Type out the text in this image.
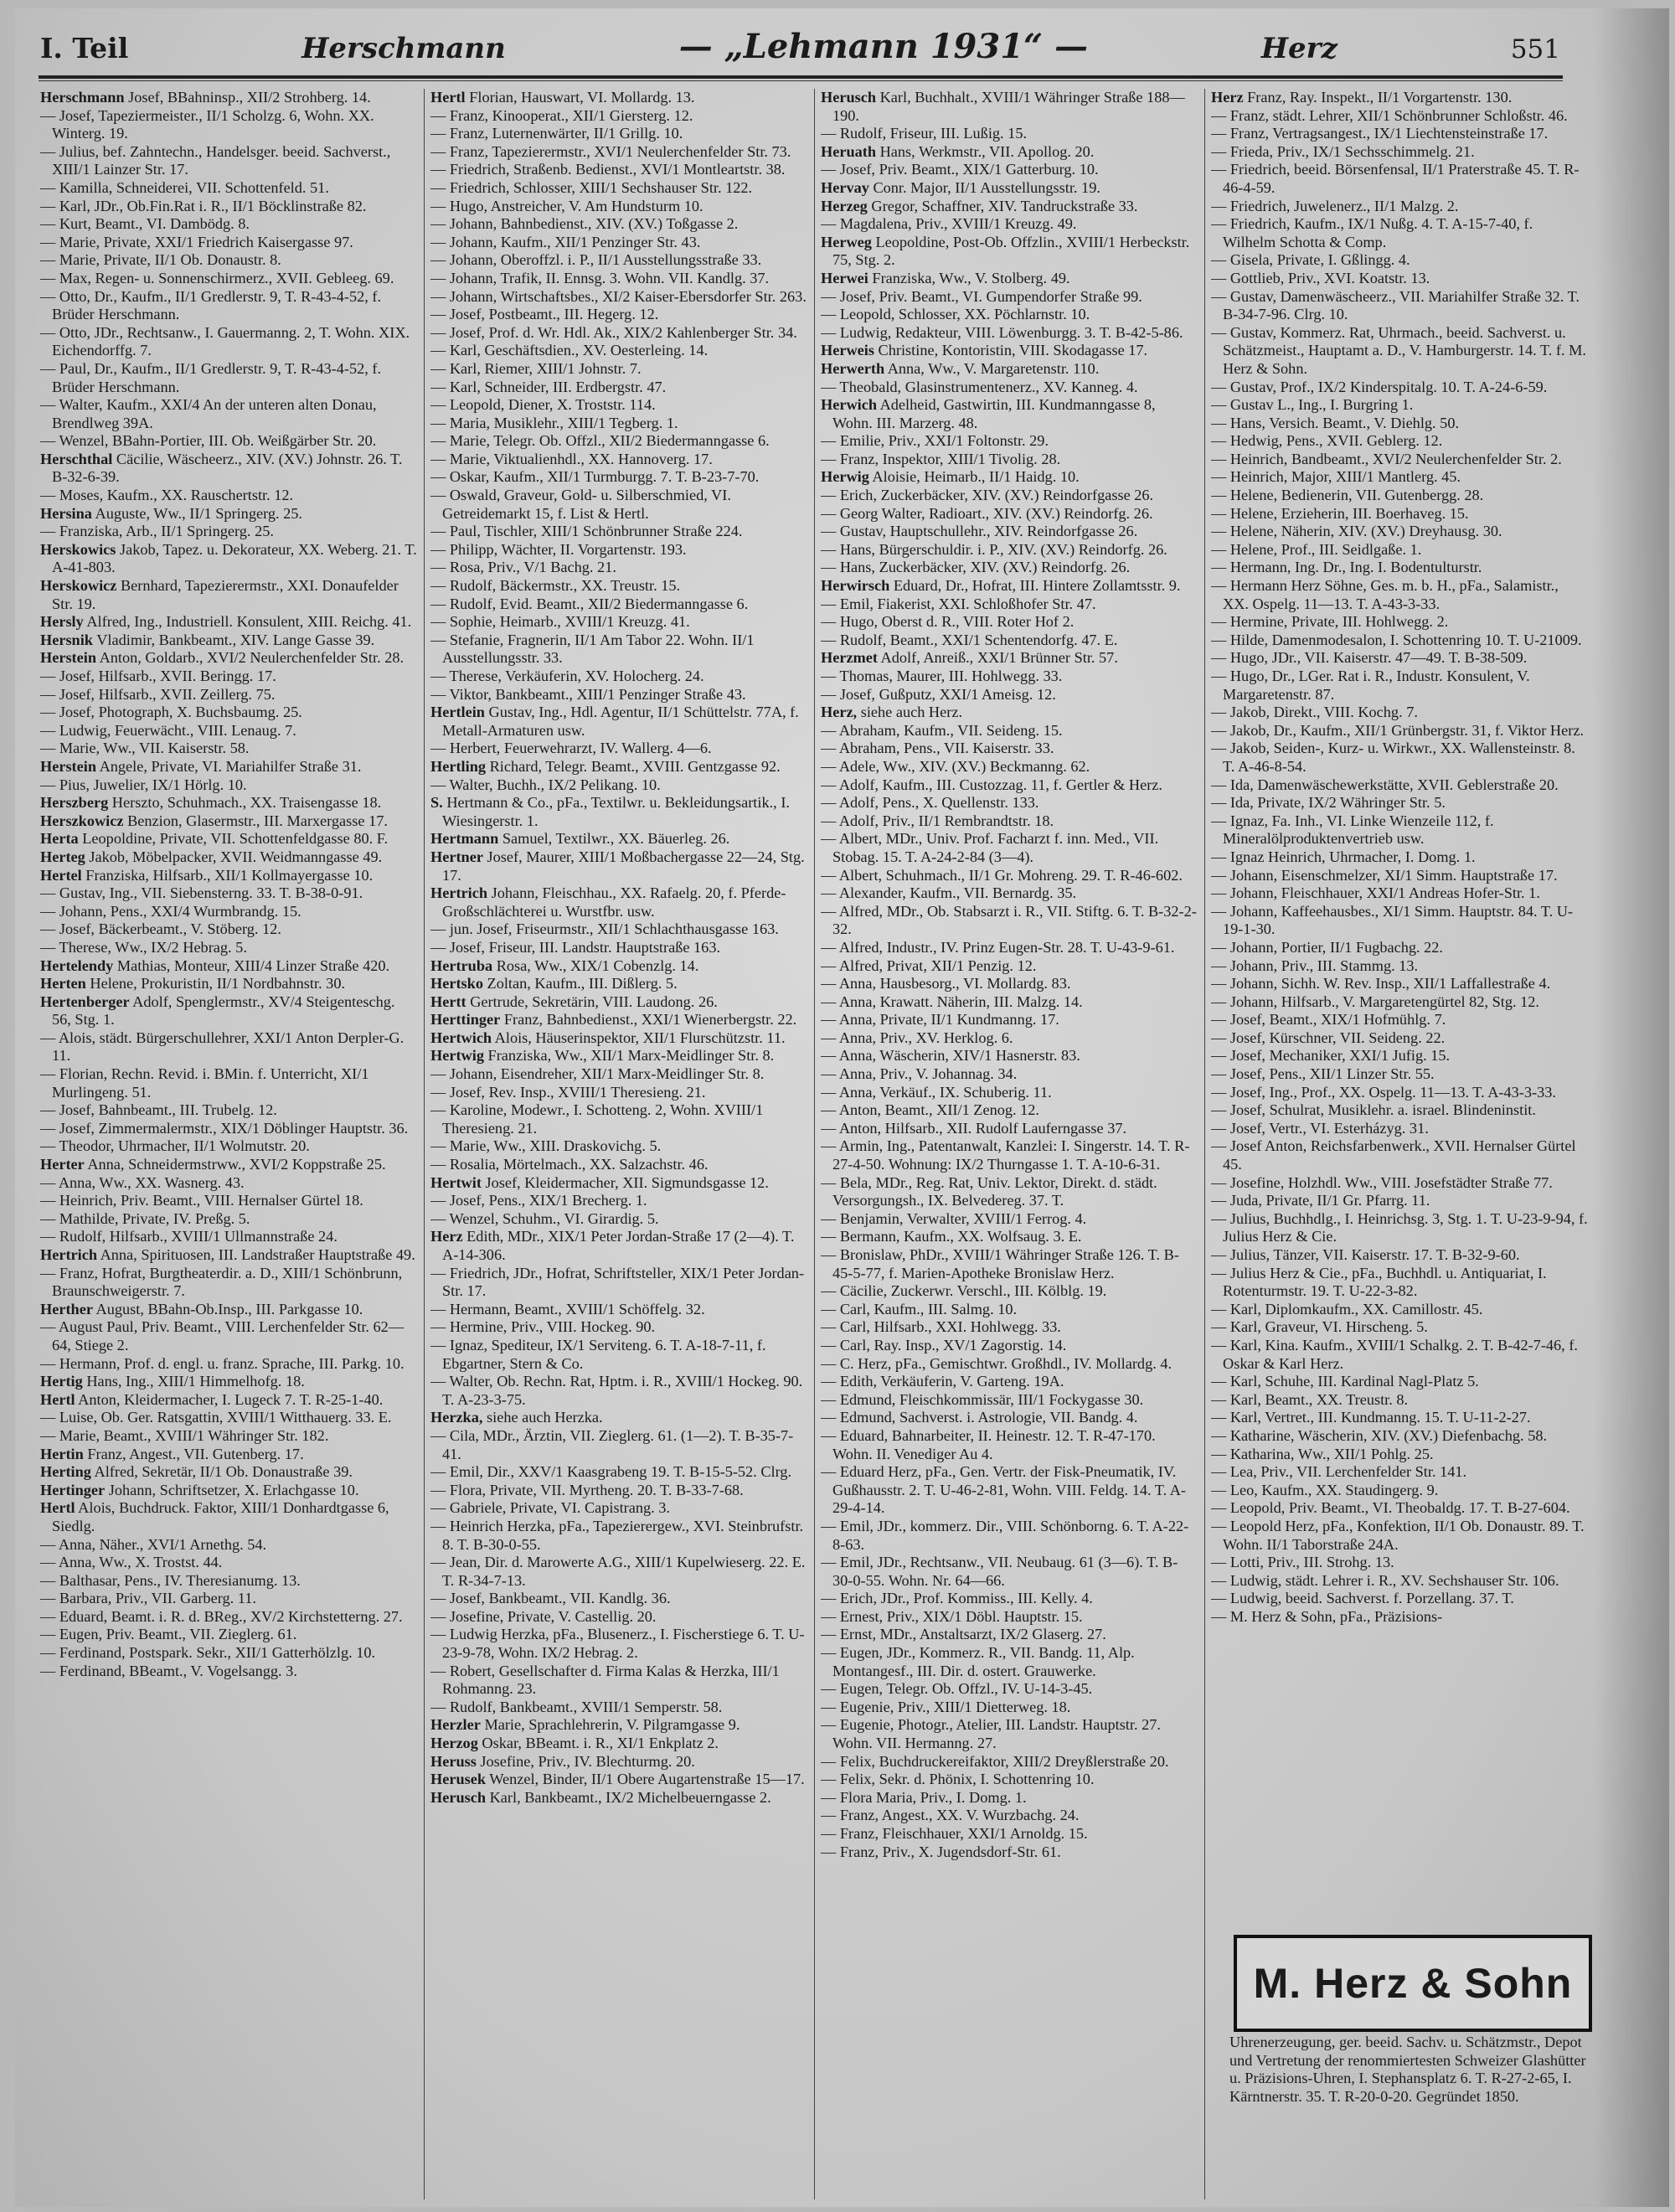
I. Teil	Herschmann	— „Lehmann 1931“ —	Herz	551
Herschmann Josef, BBahninsp., XII/2 Strohberg. 14.
— Josef, Tapeziermeister., II/1 Scholzg. 6, Wohn. XX. Winterg. 19.
— Julius, bef. Zahntechn., Handelsger. beeid. Sachverst., XIII/1 Lainzer Str. 17.
— Kamilla, Schneiderei, VII. Schottenfeld. 51.
— Karl, JDr., Ob.Fin.Rat i. R., II/1 Böcklinstraße 82.
— Kurt, Beamt., VI. Dambödg. 8.
— Marie, Private, XXI/1 Friedrich Kaisergasse 97.
— Marie, Private, II/1 Ob. Donaustr. 8.
— Max, Regen- u. Sonnenschirmerz., XVII. Gebleeg. 69.
— Otto, Dr., Kaufm., II/1 Gredlerstr. 9, T. R-43-4-52, f. Brüder Herschmann.
— Otto, JDr., Rechtsanw., I. Gauermanng. 2, T. Wohn. XIX. Eichendorffg. 7.
— Paul, Dr., Kaufm., II/1 Gredlerstr. 9, T. R-43-4-52, f. Brüder Herschmann.
— Walter, Kaufm., XXI/4 An der unteren alten Donau, Brendlweg 39A.
— Wenzel, BBahn-Portier, III. Ob. Weißgärber Str. 20.
Herschthal Cäcilie, Wäscheerz., XIV. (XV.) Johnstr. 26. T. B-32-6-39.
— Moses, Kaufm., XX. Rauschertstr. 12.
Hersina Auguste, Ww., II/1 Springerg. 25.
— Franziska, Arb., II/1 Springerg. 25.
Herskowics Jakob, Tapez. u. Dekorateur, XX. Weberg. 21. T. A-41-803.
Herskowicz Bernhard, Tapezierermstr., XXI. Donaufelder Str. 19.
Hersly Alfred, Ing., Industriell. Konsulent, XIII. Reichg. 41.
Hersnik Vladimir, Bankbeamt., XIV. Lange Gasse 39.
Herstein Anton, Goldarb., XVI/2 Neulerchenfelder Str. 28.
— Josef, Hilfsarb., XVII. Beringg. 17.
— Josef, Hilfsarb., XVII. Zeillerg. 75.
— Josef, Photograph, X. Buchsbaumg. 25.
— Ludwig, Feuerwächt., VIII. Lenaug. 7.
— Marie, Ww., VII. Kaiserstr. 58.
Herstein Angele, Private, VI. Mariahilfer Straße 31.
— Pius, Juwelier, IX/1 Hörlg. 10.
Herszberg Herszto, Schuhmach., XX. Traisengasse 18.
Herszkowicz Benzion, Glasermstr., III. Marxergasse 17.
Herta Leopoldine, Private, VII. Schottenfeldgasse 80. F.
Herteg Jakob, Möbelpacker, XVII. Weidmanngasse 49.
Hertel Franziska, Hilfsarb., XII/1 Kollmayergasse 10.
— Gustav, Ing., VII. Siebensterng. 33. T. B-38-0-91.
— Johann, Pens., XXI/4 Wurmbrandg. 15.
— Josef, Bäckerbeamt., V. Stöberg. 12.
— Therese, Ww., IX/2 Hebrag. 5.
Hertelendy Mathias, Monteur, XIII/4 Linzer Straße 420.
Herten Helene, Prokuristin, II/1 Nordbahnstr. 30.
Hertenberger Adolf, Spenglermstr., XV/4 Steigenteschg. 56, Stg. 1.
— Alois, städt. Bürgerschullehrer, XXI/1 Anton Derpler-G. 11.
— Florian, Rechn. Revid. i. BMin. f. Unterricht, XI/1 Murlingeng. 51.
— Josef, Bahnbeamt., III. Trubelg. 12.
— Josef, Zimmermalermstr., XIX/1 Döblinger Hauptstr. 36.
— Theodor, Uhrmacher, II/1 Wolmutstr. 20.
Herter Anna, Schneidermstrww., XVI/2 Koppstraße 25.
— Anna, Ww., XX. Wasnerg. 43.
— Heinrich, Priv. Beamt., VIII. Hernalser Gürtel 18.
— Mathilde, Private, IV. Preßg. 5.
— Rudolf, Hilfsarb., XVIII/1 Ullmannstraße 24.
Hertrich Anna, Spirituosen, III. Landstraßer Hauptstraße 49.
— Franz, Hofrat, Burgtheaterdir. a. D., XIII/1 Schönbrunn, Braunschweigerstr. 7.
Herther August, BBahn-Ob.Insp., III. Parkgasse 10.
— August Paul, Priv. Beamt., VIII. Lerchenfelder Str. 62—64, Stiege 2.
— Hermann, Prof. d. engl. u. franz. Sprache, III. Parkg. 10.
Hertig Hans, Ing., XIII/1 Himmelhofg. 18.
Hertl Anton, Kleidermacher, I. Lugeck 7. T. R-25-1-40.
— Luise, Ob. Ger. Ratsgattin, XVIII/1 Witthauerg. 33. E.
— Marie, Beamt., XVIII/1 Währinger Str. 182.
Hertin Franz, Angest., VII. Gutenberg. 17.
Herting Alfred, Sekretär, II/1 Ob. Donaustraße 39.
Hertinger Johann, Schriftsetzer, X. Erlachgasse 10.
Hertl Alois, Buchdruck. Faktor, XIII/1 Donhardtgasse 6, Siedlg.
— Anna, Näher., XVI/1 Arnethg. 54.
— Anna, Ww., X. Trostst. 44.
— Balthasar, Pens., IV. Theresianumg. 13.
— Barbara, Priv., VII. Garberg. 11.
— Eduard, Beamt. i. R. d. BReg., XV/2 Kirchstetterng. 27.
— Eugen, Priv. Beamt., VII. Zieglerg. 61.
— Ferdinand, Postspark. Sekr., XII/1 Gatterhölzlg. 10.
— Ferdinand, BBeamt., V. Vogelsangg. 3.
Hertl Florian, Hauswart, VI. Mollardg. 13.
— Franz, Kinooperat., XII/1 Giersterg. 12.
— Franz, Luternenwärter, II/1 Grillg. 10.
— Franz, Tapezierermstr., XVI/1 Neulerchenfelder Str. 73.
— Friedrich, Straßenb. Bedienst., XVI/1 Montleartstr. 38.
— Friedrich, Schlosser, XIII/1 Sechshauser Str. 122.
— Hugo, Anstreicher, V. Am Hundsturm 10.
— Johann, Bahnbedienst., XIV. (XV.) Toßgasse 2.
— Johann, Kaufm., XII/1 Penzinger Str. 43.
— Johann, Oberoffzl. i. P., II/1 Ausstellungsstraße 33.
— Johann, Trafik, II. Ennsg. 3. Wohn. VII. Kandlg. 37.
— Johann, Wirtschaftsbes., XI/2 Kaiser-Ebersdorfer Str. 263.
— Josef, Postbeamt., III. Hegerg. 12.
— Josef, Prof. d. Wr. Hdl. Ak., XIX/2 Kahlenberger Str. 34.
— Karl, Geschäftsdien., XV. Oesterleing. 14.
— Karl, Riemer, XIII/1 Johnstr. 7.
— Karl, Schneider, III. Erdbergstr. 47.
— Leopold, Diener, X. Troststr. 114.
— Maria, Musiklehr., XIII/1 Tegberg. 1.
— Marie, Telegr. Ob. Offzl., XII/2 Biedermanngasse 6.
— Marie, Viktualienhdl., XX. Hannoverg. 17.
— Oskar, Kaufm., XII/1 Turmburgg. 7. T. B-23-7-70.
— Oswald, Graveur, Gold- u. Silberschmied, VI. Getreidemarkt 15, f. List & Hertl.
— Paul, Tischler, XIII/1 Schönbrunner Straße 224.
— Philipp, Wächter, II. Vorgartenstr. 193.
— Rosa, Priv., V/1 Bachg. 21.
— Rudolf, Bäckermstr., XX. Treustr. 15.
— Rudolf, Evid. Beamt., XII/2 Biedermanngasse 6.
— Sophie, Heimarb., XVIII/1 Kreuzg. 41.
— Stefanie, Fragnerin, II/1 Am Tabor 22. Wohn. II/1 Ausstellungsstr. 33.
— Therese, Verkäuferin, XV. Holocherg. 24.
— Viktor, Bankbeamt., XIII/1 Penzinger Straße 43.
Hertlein Gustav, Ing., Hdl. Agentur, II/1 Schüttelstr. 77A, f. Metall-Armaturen usw.
— Herbert, Feuerwehrarzt, IV. Wallerg. 4—6.
Hertling Richard, Telegr. Beamt., XVIII. Gentzgasse 92.
— Walter, Buchh., IX/2 Pelikang. 10.
S. Hertmann & Co., pFa., Textilwr. u. Bekleidungsartik., I. Wiesingerstr. 1.
Hertmann Samuel, Textilwr., XX. Bäuerleg. 26.
Hertner Josef, Maurer, XIII/1 Moßbachergasse 22—24, Stg. 17.
Hertrich Johann, Fleischhau., XX. Rafaelg. 20, f. Pferde-Großschlächterei u. Wurstfbr. usw.
— jun. Josef, Friseurmstr., XII/1 Schlachthausgasse 163.
— Josef, Friseur, III. Landstr. Hauptstraße 163.
Hertruba Rosa, Ww., XIX/1 Cobenzlg. 14.
Hertsko Zoltan, Kaufm., III. Dißlerg. 5.
Hertt Gertrude, Sekretärin, VIII. Laudong. 26.
Herttinger Franz, Bahnbedienst., XXI/1 Wienerbergstr. 22.
Hertwich Alois, Häuserinspektor, XII/1 Flurschützstr. 11.
Hertwig Franziska, Ww., XII/1 Marx-Meidlinger Str. 8.
— Johann, Eisendreher, XII/1 Marx-Meidlinger Str. 8.
— Josef, Rev. Insp., XVIII/1 Theresieng. 21.
— Karoline, Modewr., I. Schotteng. 2, Wohn. XVIII/1 Theresieng. 21.
— Marie, Ww., XIII. Draskovichg. 5.
— Rosalia, Mörtelmach., XX. Salzachstr. 46.
Hertwit Josef, Kleidermacher, XII. Sigmundsgasse 12.
— Josef, Pens., XIX/1 Brecherg. 1.
— Wenzel, Schuhm., VI. Girardig. 5.
Herz Edith, MDr., XIX/1 Peter Jordan-Straße 17 (2—4). T. A-14-306.
— Friedrich, JDr., Hofrat, Schriftsteller, XIX/1 Peter Jordan-Str. 17.
— Hermann, Beamt., XVIII/1 Schöffelg. 32.
— Hermine, Priv., VIII. Hockeg. 90.
— Ignaz, Spediteur, IX/1 Serviteng. 6. T. A-18-7-11, f. Ebgartner, Stern & Co.
— Walter, Ob. Rechn. Rat, Hptm. i. R., XVIII/1 Hockeg. 90. T. A-23-3-75.
Herzka, siehe auch Herzka.
— Cila, MDr., Ärztin, VII. Zieglerg. 61. (1—2). T. B-35-7-41.
— Emil, Dir., XXV/1 Kaasgrabeng 19. T. B-15-5-52. Clrg.
— Flora, Private, VII. Myrtheng. 20. T. B-33-7-68.
— Gabriele, Private, VI. Capistrang. 3.
— Heinrich Herzka, pFa., Tapezierergew., XVI. Steinbrufstr. 8. T. B-30-0-55.
— Jean, Dir. d. Marowerte A.G., XIII/1 Kupelwieserg. 22. E. T. R-34-7-13.
— Josef, Bankbeamt., VII. Kandlg. 36.
— Josefine, Private, V. Castellig. 20.
— Ludwig Herzka, pFa., Blusenerz., I. Fischerstiege 6. T. U-23-9-78, Wohn. IX/2 Hebrag. 2.
— Robert, Gesellschafter d. Firma Kalas & Herzka, III/1 Rohmanng. 23.
— Rudolf, Bankbeamt., XVIII/1 Semperstr. 58.
Herzler Marie, Sprachlehrerin, V. Pilgramgasse 9.
Herzog Oskar, BBeamt. i. R., XI/1 Enkplatz 2.
Heruss Josefine, Priv., IV. Blechturmg. 20.
Herusek Wenzel, Binder, II/1 Obere Augartenstraße 15—17.
Herusch Karl, Bankbeamt., IX/2 Michelbeuerngasse 2.
Herusch Karl, Buchhalt., XVIII/1 Währinger Straße 188—190.
— Rudolf, Friseur, III. Lußig. 15.
Heruath Hans, Werkmstr., VII. Apollog. 20.
— Josef, Priv. Beamt., XIX/1 Gatterburg. 10.
Hervay Conr. Major, II/1 Ausstellungsstr. 19.
Herzeg Gregor, Schaffner, XIV. Tandruckstraße 33.
— Magdalena, Priv., XVIII/1 Kreuzg. 49.
Herweg Leopoldine, Post-Ob. Offzlin., XVIII/1 Herbeckstr. 75, Stg. 2.
Herwei Franziska, Ww., V. Stolberg. 49.
— Josef, Priv. Beamt., VI. Gumpendorfer Straße 99.
— Leopold, Schlosser, XX. Pöchlarnstr. 10.
— Ludwig, Redakteur, VIII. Löwenburgg. 3. T. B-42-5-86.
Herweis Christine, Kontoristin, VIII. Skodagasse 17.
Herwerth Anna, Ww., V. Margaretenstr. 110.
— Theobald, Glasinstrumentenerz., XV. Kanneg. 4.
Herwich Adelheid, Gastwirtin, III. Kundmanngasse 8, Wohn. III. Marzerg. 48.
— Emilie, Priv., XXI/1 Foltonstr. 29.
— Franz, Inspektor, XIII/1 Tivolig. 28.
Herwig Aloisie, Heimarb., II/1 Haidg. 10.
— Erich, Zuckerbäcker, XIV. (XV.) Reindorfgasse 26.
— Georg Walter, Radioart., XIV. (XV.) Reindorfg. 26.
— Gustav, Hauptschullehr., XIV. Reindorfgasse 26.
— Hans, Bürgerschuldir. i. P., XIV. (XV.) Reindorfg. 26.
— Hans, Zuckerbäcker, XIV. (XV.) Reindorfg. 26.
Herwirsch Eduard, Dr., Hofrat, III. Hintere Zollamtsstr. 9.
— Emil, Fiakerist, XXI. Schloßhofer Str. 47.
— Hugo, Oberst d. R., VIII. Roter Hof 2.
— Rudolf, Beamt., XXI/1 Schentendorfg. 47. E.
Herzmet Adolf, Anreiß., XXI/1 Brünner Str. 57.
— Thomas, Maurer, III. Hohlwegg. 33.
— Josef, Gußputz, XXI/1 Ameisg. 12.
Herz, siehe auch Herz.
— Abraham, Kaufm., VII. Seideng. 15.
— Abraham, Pens., VII. Kaiserstr. 33.
— Adele, Ww., XIV. (XV.) Beckmanng. 62.
— Adolf, Kaufm., III. Custozzag. 11, f. Gertler & Herz.
— Adolf, Pens., X. Quellenstr. 133.
— Adolf, Priv., II/1 Rembrandtstr. 18.
— Albert, MDr., Univ. Prof. Facharzt f. inn. Med., VII. Stobag. 15. T. A-24-2-84 (3—4).
— Albert, Schuhmach., II/1 Gr. Mohreng. 29. T. R-46-602.
— Alexander, Kaufm., VII. Bernardg. 35.
— Alfred, MDr., Ob. Stabsarzt i. R., VII. Stiftg. 6. T. B-32-2-32.
— Alfred, Industr., IV. Prinz Eugen-Str. 28. T. U-43-9-61.
— Alfred, Privat, XII/1 Penzig. 12.
— Anna, Hausbesorg., VI. Mollardg. 83.
— Anna, Krawatt. Näherin, III. Malzg. 14.
— Anna, Private, II/1 Kundmanng. 17.
— Anna, Priv., XV. Herklog. 6.
— Anna, Wäscherin, XIV/1 Hasnerstr. 83.
— Anna, Priv., V. Johannag. 34.
— Anna, Verkäuf., IX. Schuberig. 11.
— Anton, Beamt., XII/1 Zenog. 12.
— Anton, Hilfsarb., XII. Rudolf Lauferngasse 37.
— Armin, Ing., Patentanwalt, Kanzlei: I. Singerstr. 14. T. R-27-4-50. Wohnung: IX/2 Thurngasse 1. T. A-10-6-31.
— Bela, MDr., Reg. Rat, Univ. Lektor, Direkt. d. städt. Versorgungsh., IX. Belvedereg. 37. T.
— Benjamin, Verwalter, XVIII/1 Ferrog. 4.
— Bermann, Kaufm., XX. Wolfsaug. 3. E.
— Bronislaw, PhDr., XVIII/1 Währinger Straße 126. T. B-45-5-77, f. Marien-Apotheke Bronislaw Herz.
— Cäcilie, Zuckerwr. Verschl., III. Kölblg. 19.
— Carl, Kaufm., III. Salmg. 10.
— Carl, Hilfsarb., XXI. Hohlwegg. 33.
— Carl, Ray. Insp., XV/1 Zagorstig. 14.
— C. Herz, pFa., Gemischtwr. Großhdl., IV. Mollardg. 4.
— Edith, Verkäuferin, V. Garteng. 19A.
— Edmund, Fleischkommissär, III/1 Fockygasse 30.
— Edmund, Sachverst. i. Astrologie, VII. Bandg. 4.
— Eduard, Bahnarbeiter, II. Heinestr. 12. T. R-47-170. Wohn. II. Venediger Au 4.
— Eduard Herz, pFa., Gen. Vertr. der Fisk-Pneumatik, IV. Gußhausstr. 2. T. U-46-2-81, Wohn. VIII. Feldg. 14. T. A-29-4-14.
— Emil, JDr., kommerz. Dir., VIII. Schönborng. 6. T. A-22-8-63.
— Emil, JDr., Rechtsanw., VII. Neubaug. 61 (3—6). T. B-30-0-55. Wohn. Nr. 64—66.
— Erich, JDr., Prof. Kommiss., III. Kelly. 4.
— Ernest, Priv., XIX/1 Döbl. Hauptstr. 15.
— Ernst, MDr., Anstaltsarzt, IX/2 Glaserg. 27.
— Eugen, JDr., Kommerz. R., VII. Bandg. 11, Alp. Montangesf., III. Dir. d. ostert. Grauwerke.
— Eugen, Telegr. Ob. Offzl., IV. U-14-3-45.
— Eugenie, Priv., XIII/1 Dietterweg. 18.
— Eugenie, Photogr., Atelier, III. Landstr. Hauptstr. 27. Wohn. VII. Hermanng. 27.
— Felix, Buchdruckereifaktor, XIII/2 Dreyßlerstraße 20.
— Felix, Sekr. d. Phönix, I. Schottenring 10.
— Flora Maria, Priv., I. Domg. 1.
— Franz, Angest., XX. V. Wurzbachg. 24.
— Franz, Fleischhauer, XXI/1 Arnoldg. 15.
— Franz, Priv., X. Jugendsdorf-Str. 61.
Herz Franz, Ray. Inspekt., II/1 Vorgartenstr. 130.
— Franz, städt. Lehrer, XII/1 Schönbrunner Schloßstr. 46.
— Franz, Vertragsangest., IX/1 Liechtensteinstraße 17.
— Frieda, Priv., IX/1 Sechsschimmelg. 21.
— Friedrich, beeid. Börsenfensal, II/1 Praterstraße 45. T. R-46-4-59.
— Friedrich, Juwelenerz., II/1 Malzg. 2.
— Friedrich, Kaufm., IX/1 Nußg. 4. T. A-15-7-40, f. Wilhelm Schotta & Comp.
— Gisela, Private, I. Gßlingg. 4.
— Gottlieb, Priv., XVI. Koatstr. 13.
— Gustav, Damenwäscheerz., VII. Mariahilfer Straße 32. T. B-34-7-96. Clrg. 10.
— Gustav, Kommerz. Rat, Uhrmach., beeid. Sachverst. u. Schätzmeist., Hauptamt a. D., V. Hamburgerstr. 14. T. f. M. Herz & Sohn.
— Gustav, Prof., IX/2 Kinderspitalg. 10. T. A-24-6-59.
— Gustav L., Ing., I. Burgring 1.
— Hans, Versich. Beamt., V. Diehlg. 50.
— Hedwig, Pens., XVII. Geblerg. 12.
— Heinrich, Bandbeamt., XVI/2 Neulerchenfelder Str. 2.
— Heinrich, Major, XIII/1 Mantlerg. 45.
— Helene, Bedienerin, VII. Gutenbergg. 28.
— Helene, Erzieherin, III. Boerhaveg. 15.
— Helene, Näherin, XIV. (XV.) Dreyhausg. 30.
— Helene, Prof., III. Seidlgaße. 1.
— Hermann, Ing. Dr., Ing. I. Bodentulturstr.
— Hermann Herz Söhne, Ges. m. b. H., pFa., Salamistr., XX. Ospelg. 11—13. T. A-43-3-33.
— Hermine, Private, III. Hohlwegg. 2.
— Hilde, Damenmodesalon, I. Schottenring 10. T. U-21009.
— Hugo, JDr., VII. Kaiserstr. 47—49. T. B-38-509.
— Hugo, Dr., LGer. Rat i. R., Industr. Konsulent, V. Margaretenstr. 87.
— Jakob, Direkt., VIII. Kochg. 7.
— Jakob, Dr., Kaufm., XII/1 Grünbergstr. 31, f. Viktor Herz.
— Jakob, Seiden-, Kurz- u. Wirkwr., XX. Wallensteinstr. 8. T. A-46-8-54.
— Ida, Damenwäschewerkstätte, XVII. Geblerstraße 20.
— Ida, Private, IX/2 Währinger Str. 5.
— Ignaz, Fa. Inh., VI. Linke Wienzeile 112, f. Mineralölproduktenvertrieb usw.
— Ignaz Heinrich, Uhrmacher, I. Domg. 1.
— Johann, Eisenschmelzer, XI/1 Simm. Hauptstraße 17.
— Johann, Fleischhauer, XXI/1 Andreas Hofer-Str. 1.
— Johann, Kaffeehausbes., XI/1 Simm. Hauptstr. 84. T. U-19-1-30.
— Johann, Portier, II/1 Fugbachg. 22.
— Johann, Priv., III. Stammg. 13.
— Johann, Sichh. W. Rev. Insp., XII/1 Laffallestraße 4.
— Johann, Hilfsarb., V. Margaretengürtel 82, Stg. 12.
— Josef, Beamt., XIX/1 Hofmühlg. 7.
— Josef, Kürschner, VII. Seideng. 22.
— Josef, Mechaniker, XXI/1 Jufig. 15.
— Josef, Pens., XII/1 Linzer Str. 55.
— Josef, Ing., Prof., XX. Ospelg. 11—13. T. A-43-3-33.
— Josef, Schulrat, Musiklehr. a. israel. Blindeninstit.
— Josef, Vertr., VI. Esterházyg. 31.
— Josef Anton, Reichsfarbenwerk., XVII. Hernalser Gürtel 45.
— Josefine, Holzhdl. Ww., VIII. Josefstädter Straße 77.
— Juda, Private, II/1 Gr. Pfarrg. 11.
— Julius, Buchhdlg., I. Heinrichsg. 3, Stg. 1. T. U-23-9-94, f. Julius Herz & Cie.
— Julius, Tänzer, VII. Kaiserstr. 17. T. B-32-9-60.
— Julius Herz & Cie., pFa., Buchhdl. u. Antiquariat, I. Rotenturmstr. 19. T. U-22-3-82.
— Karl, Diplomkaufm., XX. Camillostr. 45.
— Karl, Graveur, VI. Hirscheng. 5.
— Karl, Kina. Kaufm., XVIII/1 Schalkg. 2. T. B-42-7-46, f. Oskar & Karl Herz.
— Karl, Schuhe, III. Kardinal Nagl-Platz 5.
— Karl, Beamt., XX. Treustr. 8.
— Karl, Vertret., III. Kundmanng. 15. T. U-11-2-27.
— Katharine, Wäscherin, XIV. (XV.) Diefenbachg. 58.
— Katharina, Ww., XII/1 Pohlg. 25.
— Lea, Priv., VII. Lerchenfelder Str. 141.
— Leo, Kaufm., XX. Staudingerg. 9.
— Leopold, Priv. Beamt., VI. Theobaldg. 17. T. B-27-604.
— Leopold Herz, pFa., Konfektion, II/1 Ob. Donaustr. 89. T. Wohn. II/1 Taborstraße 24A.
— Lotti, Priv., III. Strohg. 13.
— Ludwig, städt. Lehrer i. R., XV. Sechshauser Str. 106.
— Ludwig, beeid. Sachverst. f. Porzellang. 37. T.
— M. Herz & Sohn, pFa., Präzisions-
M. Herz & Sohn
Uhrenerzeugung, ger. beeid. Sachv. u. Schätzmstr., Depot und Vertretung der renommiertesten Schweizer Glashütter u. Präzisions-Uhren, I. Stephansplatz 6. T. R-27-2-65, I. Kärntnerstr. 35. T. R-20-0-20. Gegründet 1850.
